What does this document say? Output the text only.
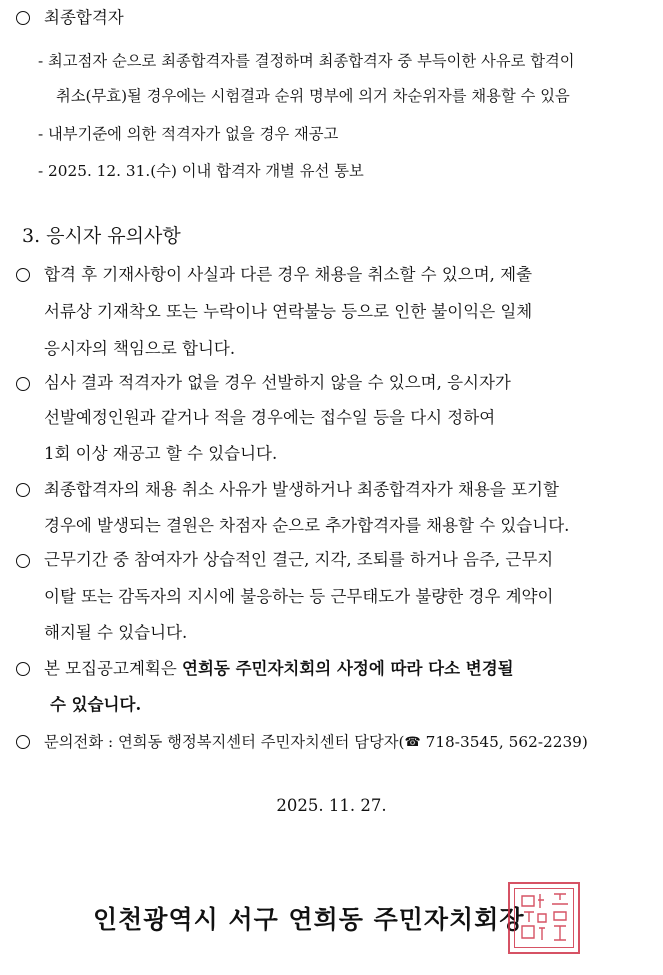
최종합격자
- 최고점자 순으로 최종합격자를 결정하며 최종합격자 중 부득이한 사유로 합격이
취소(무효)될 경우에는 시험결과 순위 명부에 의거 차순위자를 채용할 수 있음
- 내부기준에 의한 적격자가 없을 경우 재공고
- 2025. 12. 31.(수) 이내 합격자 개별 유선 통보
3. 응시자 유의사항
합격 후 기재사항이 사실과 다른 경우 채용을 취소할 수 있으며, 제출
서류상 기재착오 또는 누락이나 연락불능 등으로 인한 불이익은 일체
응시자의 책임으로 합니다.
심사 결과 적격자가 없을 경우 선발하지 않을 수 있으며, 응시자가
선발예정인원과 같거나 적을 경우에는 접수일 등을 다시 정하여
1회 이상 재공고 할 수 있습니다.
최종합격자의 채용 취소 사유가 발생하거나 최종합격자가 채용을 포기할
경우에 발생되는 결원은 차점자 순으로 추가합격자를 채용할 수 있습니다.
근무기간 중 참여자가 상습적인 결근, 지각, 조퇴를 하거나 음주, 근무지
이탈 또는 감독자의 지시에 불응하는 등 근무태도가 불량한 경우 계약이
해지될 수 있습니다.
본 모집공고계획은 연희동 주민자치회의 사정에 따라 다소 변경될
수 있습니다.
문의전화 : 연희동 행정복지센터 주민자치센터 담당자(☎ 718-3545, 562-2239)
2025. 11. 27.
인천광역시 서구 연희동 주민자치회장
